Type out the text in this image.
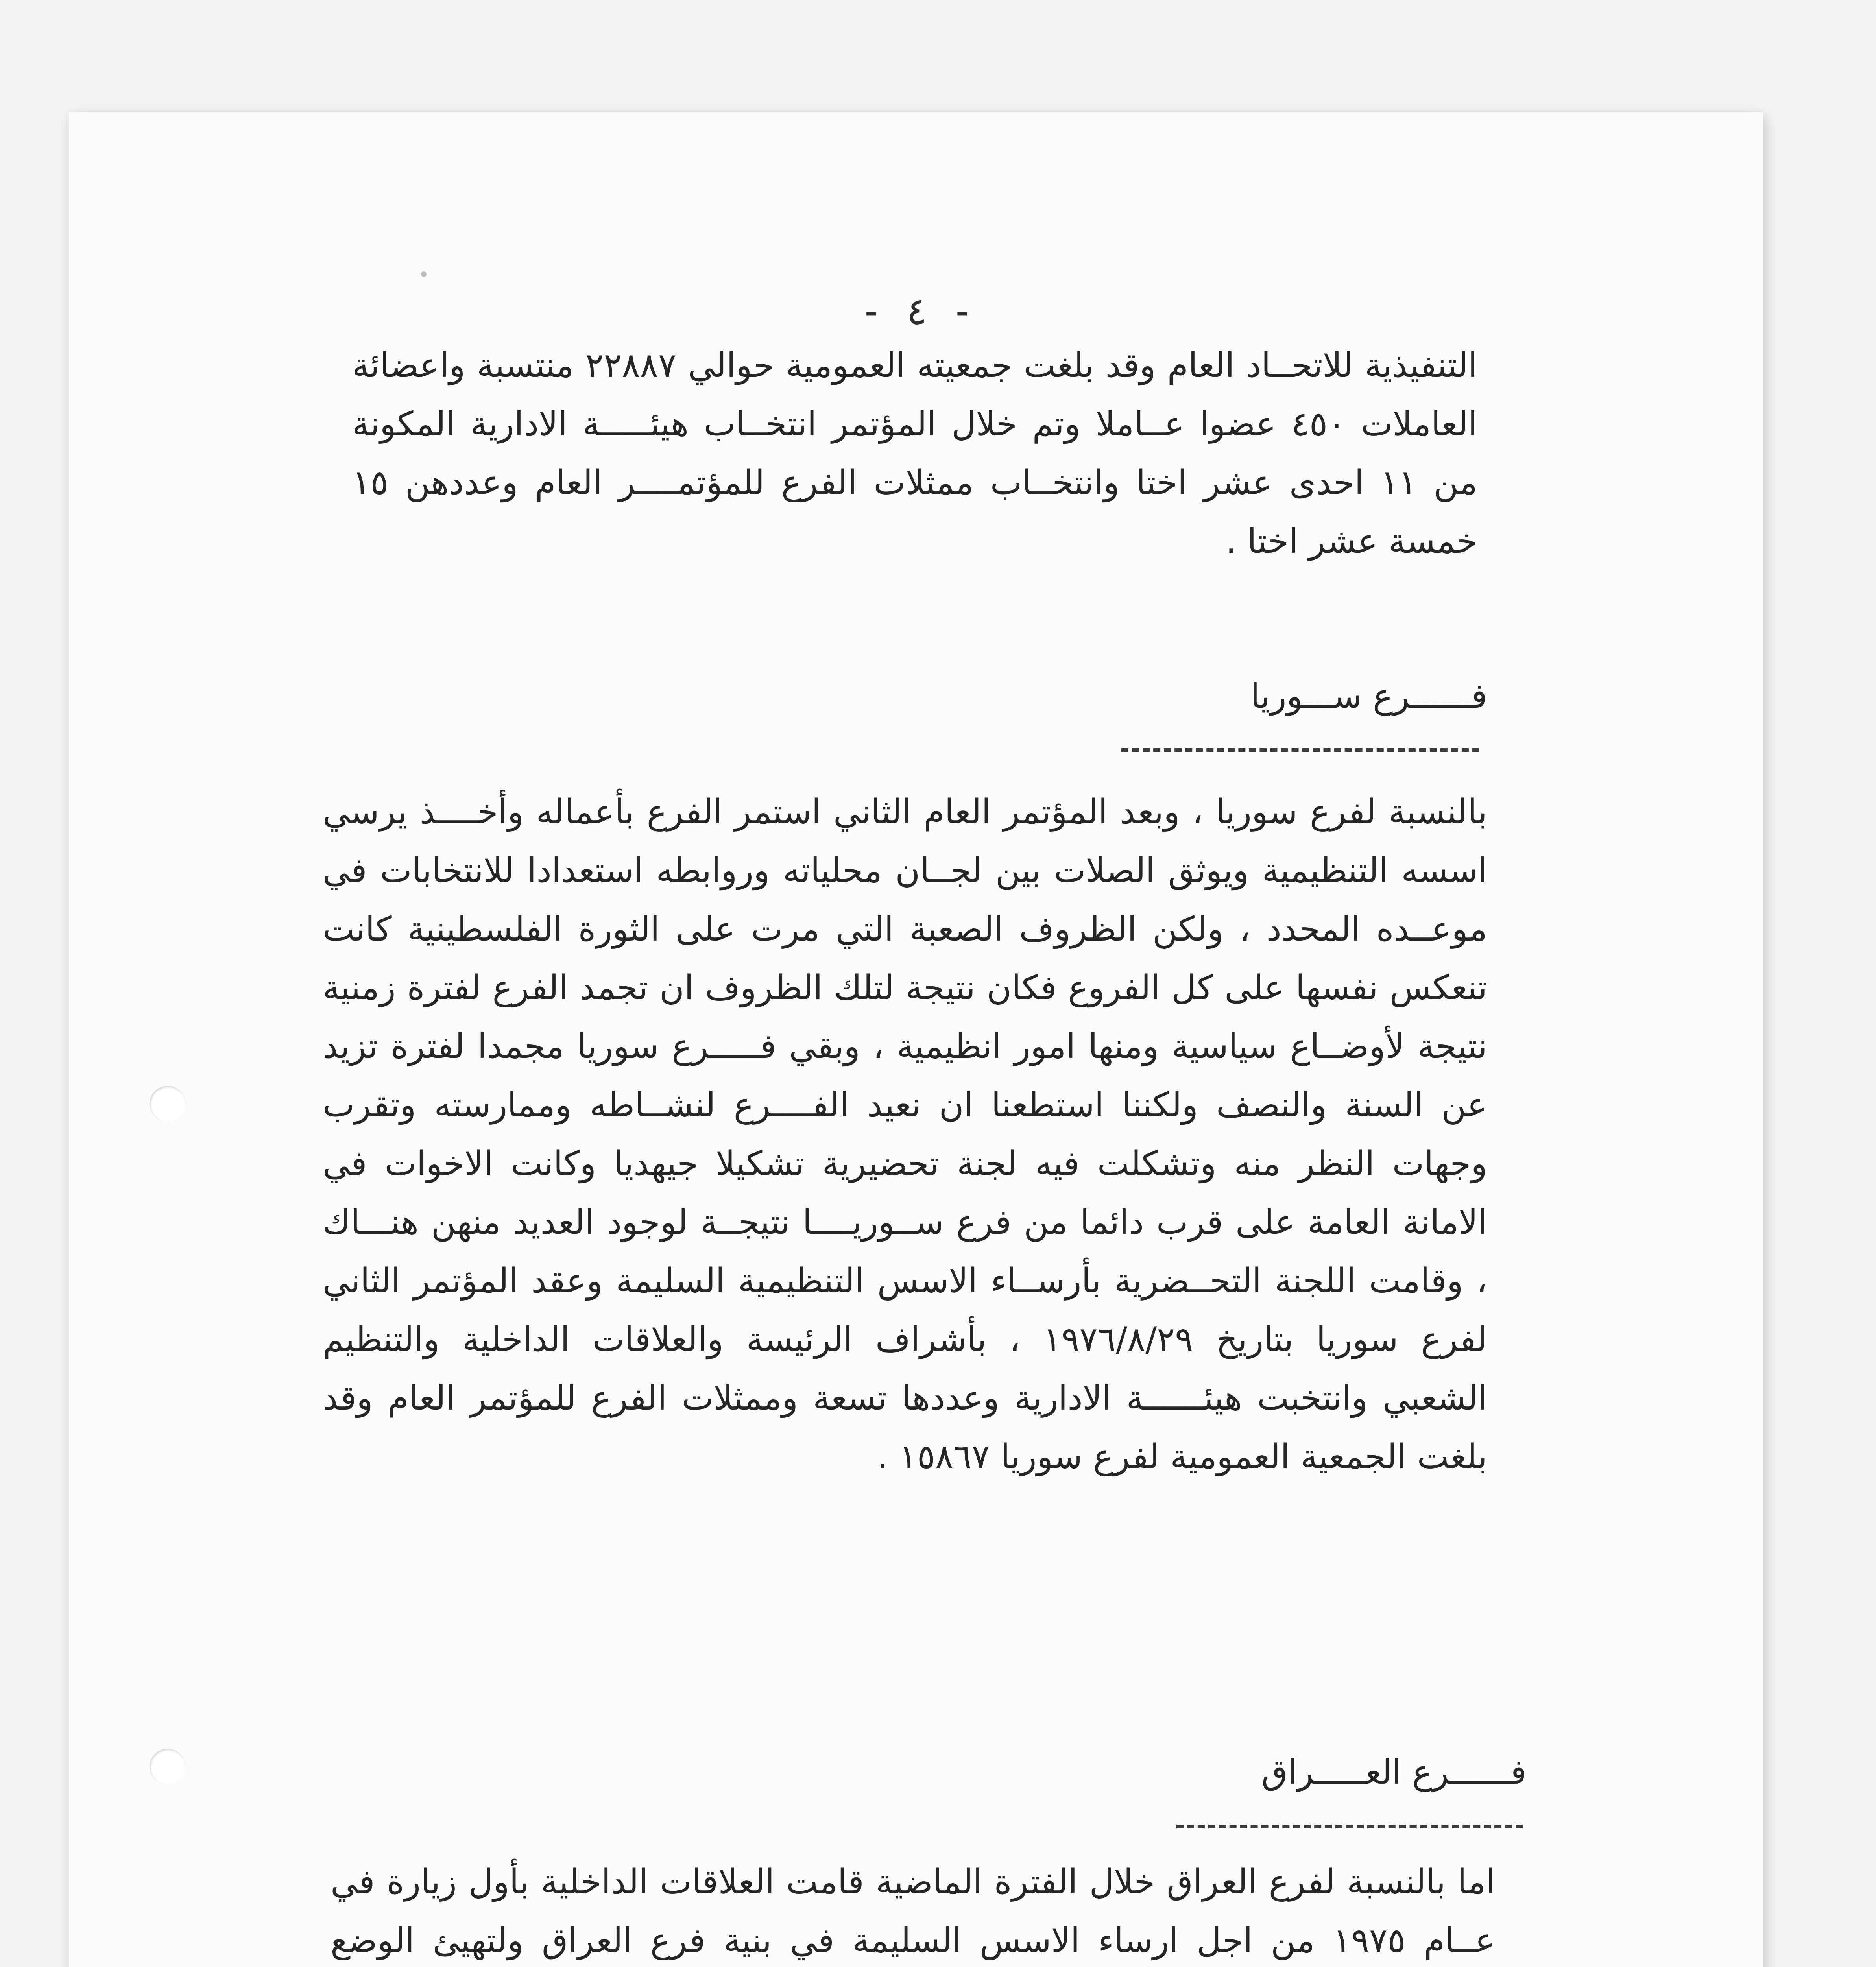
- ٤ -

التنفيذية للاتحــاد العام وقد بلغت جمعيته العمومية حوالي ٢٢٨٨٧ منتسبة واعضائة العاملات ٤٥٠ عضوا عــاملا وتم خلال المؤتمر انتخــاب هيئـــــة الادارية المكونة من ١١ احدى عشر اختا وانتخــاب ممثلات الفرع للمؤتمــــر العام وعددهن ١٥ خمسة عشر اختا .

فــــــرع ســـوريا

بالنسبة لفرع سوريا ، وبعد المؤتمر العام الثاني استمر الفرع بأعماله وأخــــذ يرسي اسسه التنظيمية ويوثق الصلات بين لجــان محلياته وروابطه استعدادا للانتخابات في موعــده المحدد ، ولكن الظروف الصعبة التي مرت على الثورة الفلسطينية كانت تنعكس نفسها على كل الفروع فكان نتيجة لتلك الظروف ان تجمد الفرع لفترة زمنية نتيجة لأوضــاع سياسية ومنها امور انظيمية ، وبقي فـــــرع سوريا مجمدا لفترة تزيد عن السنة والنصف ولكننا استطعنا ان نعيد الفــــرع لنشــاطه وممارسته وتقرب وجهات النظر منه وتشكلت فيه لجنة تحضيرية تشكيلا جيهديا وكانت الاخوات في الامانة العامة على قرب دائما من فرع ســوريــــا نتيجــة لوجود العديد منهن هنـــاك ، وقامت اللجنة التحــضرية بأرســاء الاسس التنظيمية السليمة وعقد المؤتمر الثاني لفرع سوريا بتاريخ ١٩٧٦/٨/٢٩ ، بأشراف الرئيسة والعلاقات الداخلية والتنظيم الشعبي وانتخبت هيئــــــة الادارية وعددها تسعة وممثلات الفرع للمؤتمر العام وقد بلغت الجمعية العمومية لفرع سوريا ١٥٨٦٧ .

فــــــرع العـــــراق

اما بالنسبة لفرع العراق خلال الفترة الماضية قامت العلاقات الداخلية بأول زيارة في عــام ١٩٧٥ من اجل ارساء الاسس السليمة في بنية فرع العراق ولتهيئ الوضع
